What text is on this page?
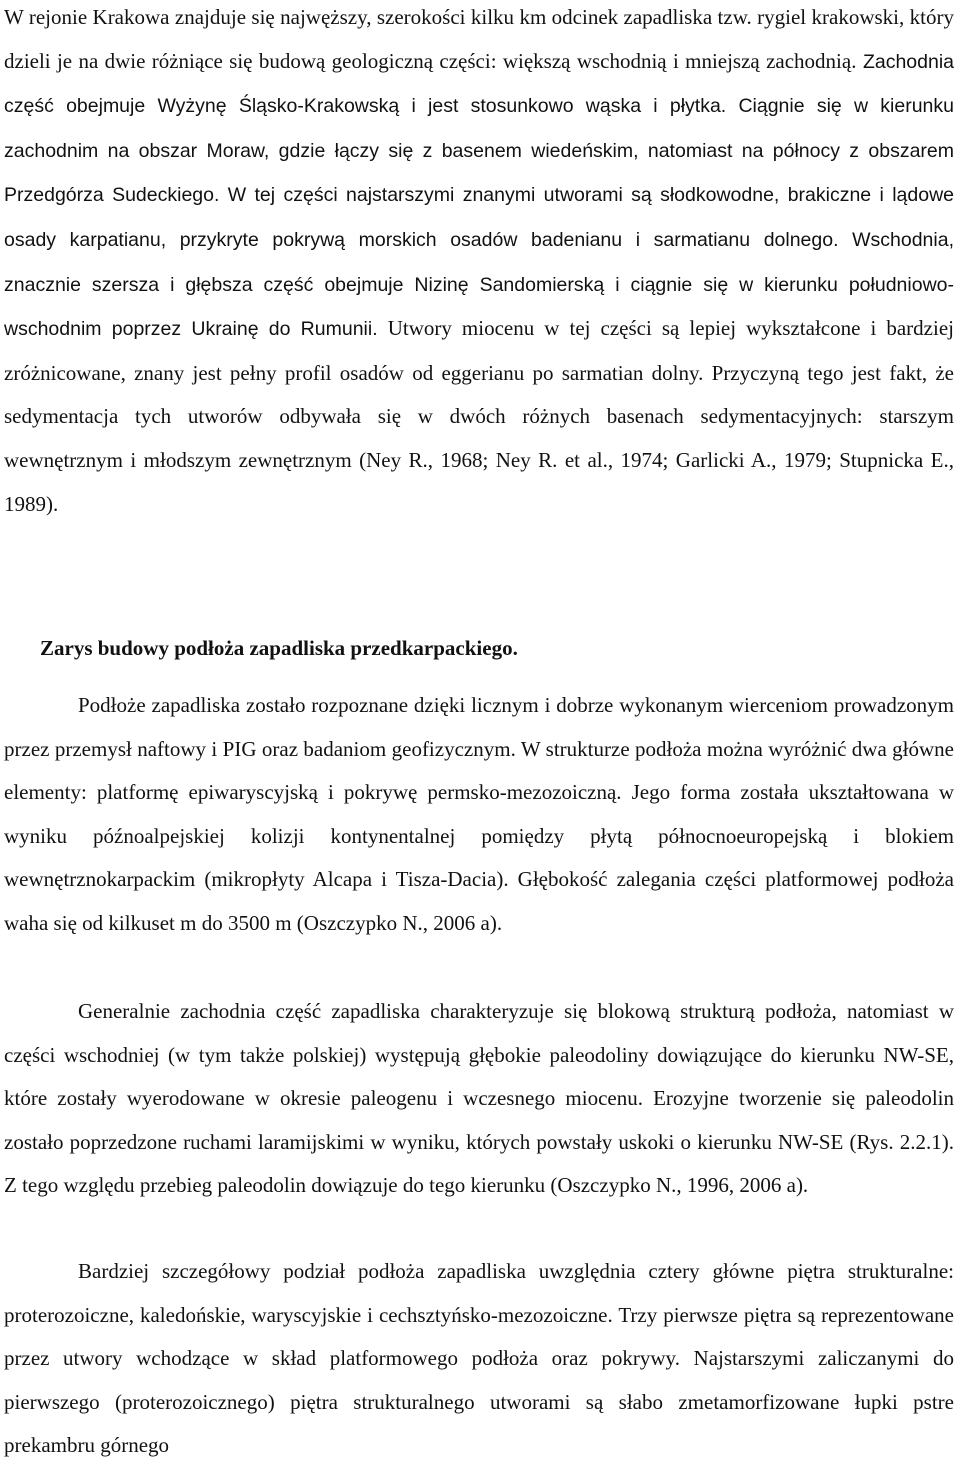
W rejonie Krakowa znajduje się najwęższy, szerokości kilku km odcinek zapadliska tzw. rygiel krakowski, który dzieli je na dwie różniące się budową geologiczną części: większą wschodnią i mniejszą zachodnią. Zachodnia część obejmuje Wyżynę Śląsko-Krakowską i jest stosunkowo wąska i płytka. Ciągnie się w kierunku zachodnim na obszar Moraw, gdzie łączy się z basenem wiedeńskim, natomiast na północy z obszarem Przedgórza Sudeckiego. W tej części najstarszymi znanymi utworami są słodkowodne, brakiczne i lądowe osady karpatianu, przykryte pokrywą morskich osadów badenianu i sarmatianu dolnego. Wschodnia, znacznie szersza i głębsza część obejmuje Nizinę Sandomierską i ciągnie się w kierunku południowo-wschodnim poprzez Ukrainę do Rumunii. Utwory miocenu w tej części są lepiej wykształcone i bardziej zróżnicowane, znany jest pełny profil osadów od eggerianu po sarmatian dolny. Przyczyną tego jest fakt, że sedymentacja tych utworów odbywała się w dwóch różnych basenach sedymentacyjnych: starszym wewnętrznym i młodszym zewnętrznym (Ney R., 1968; Ney R. et al., 1974; Garlicki A., 1979; Stupnicka E., 1989).

Zarys budowy podłoża zapadliska przedkarpackiego.

Podłoże zapadliska zostało rozpoznane dzięki licznym i dobrze wykonanym wierceniom prowadzonym przez przemysł naftowy i PIG oraz badaniom geofizycznym. W strukturze podłoża można wyróżnić dwa główne elementy: platformę epiwaryscyjską i pokrywę permsko-mezozoiczną. Jego forma została ukształtowana w wyniku późnoalpejskiej kolizji kontynentalnej pomiędzy płytą północnoeuropejską i blokiem wewnętrznokarpackim (mikropłyty Alcapa i Tisza-Dacia). Głębokość zalegania części platformowej podłoża waha się od kilkuset m do 3500 m (Oszczypko N., 2006 a).

Generalnie zachodnia część zapadliska charakteryzuje się blokową strukturą podłoża, natomiast w części wschodniej (w tym także polskiej) występują głębokie paleodoliny dowiązujące do kierunku NW-SE, które zostały wyerodowane w okresie paleogenu i wczesnego miocenu. Erozyjne tworzenie się paleodolin zostało poprzedzone ruchami laramijskimi w wyniku, których powstały uskoki o kierunku NW-SE (Rys. 2.2.1). Z tego względu przebieg paleodolin dowiązuje do tego kierunku (Oszczypko N., 1996, 2006 a).

Bardziej szczegółowy podział podłoża zapadliska uwzględnia cztery główne piętra strukturalne: proterozoiczne, kaledońskie, waryscyjskie i cechsztyńsko-mezozoiczne. Trzy pierwsze piętra są reprezentowane przez utwory wchodzące w skład platformowego podłoża oraz pokrywy. Najstarszymi zaliczanymi do pierwszego (proterozoicznego) piętra strukturalnego utworami są słabo zmetamorfizowane łupki pstre prekambru górnego
